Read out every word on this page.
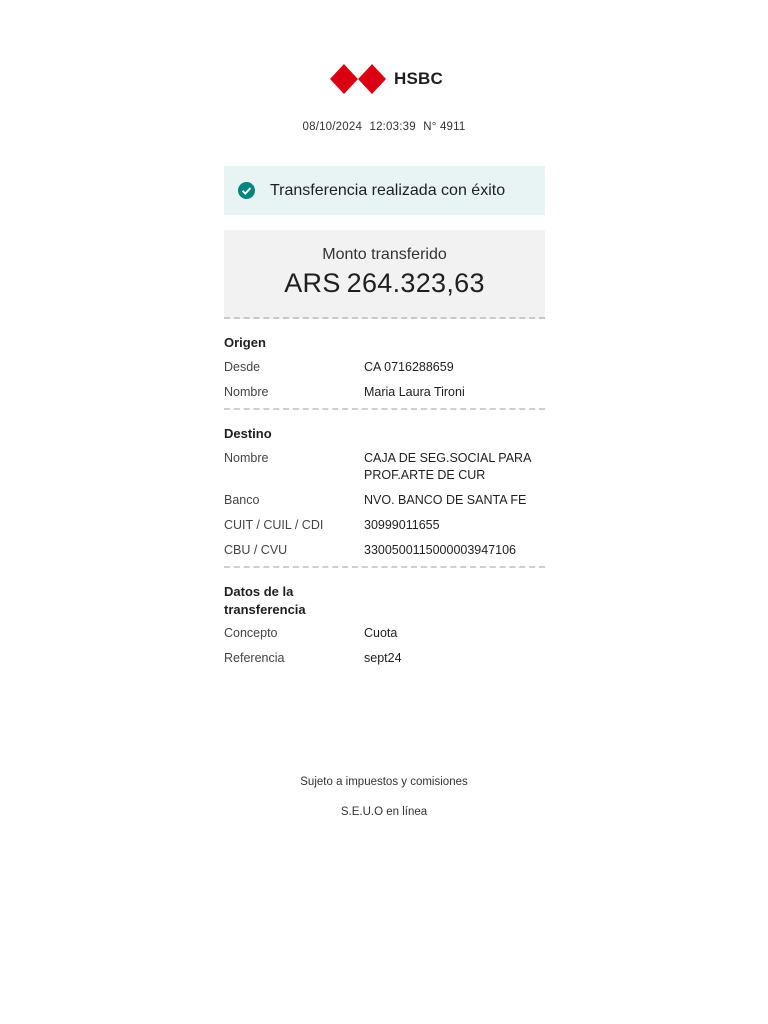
HSBC
08/10/2024 12:03:39 N° 4911
Transferencia realizada con éxito
Monto transferido
ARS 264.323,63
Origen
Desde	CA 0716288659
Nombre	Maria Laura Tironi
Destino
Nombre	CAJA DE SEG.SOCIAL PARA PROF.ARTE DE CUR
Banco	NVO. BANCO DE SANTA FE
CUIT / CUIL / CDI	30999011655
CBU / CVU	3300500115000003947106
Datos de la
transferencia
Concepto	Cuota
Referencia	sept24
Sujeto a impuestos y comisiones
S.E.U.O en línea
